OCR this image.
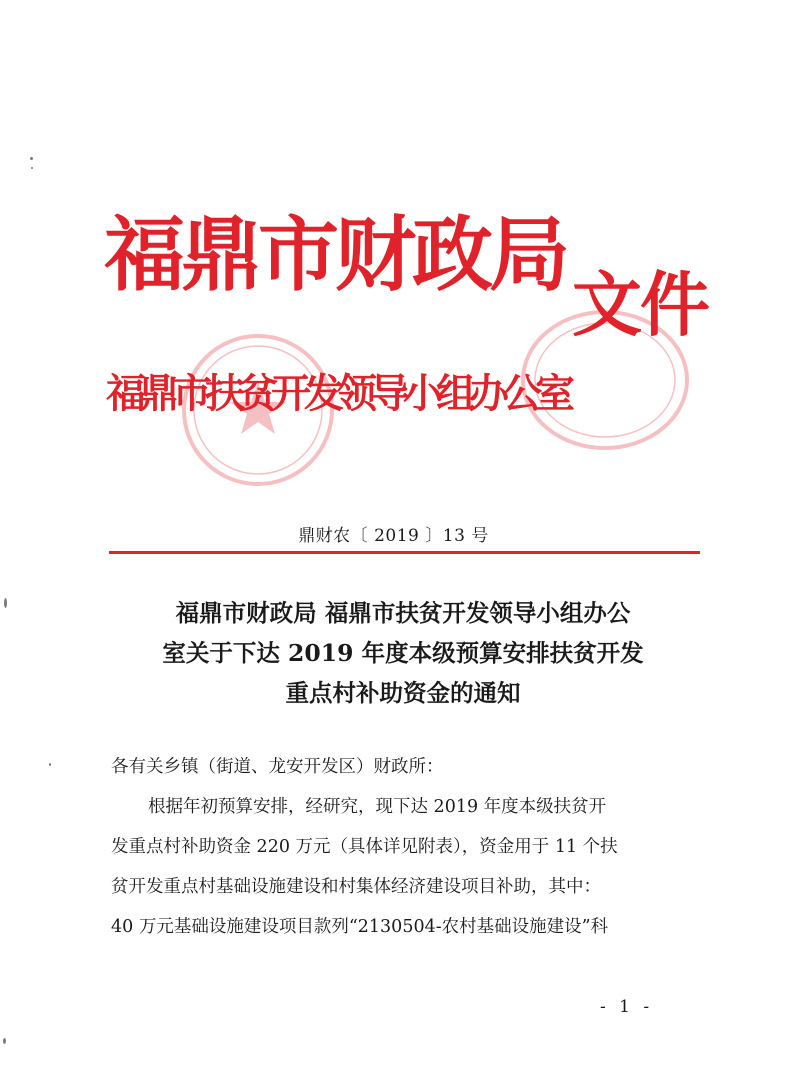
福鼎市财政局
文件
福鼎市扶贫开发领导小组办公室
鼎财农〔 2019 〕13 号
福鼎市财政局 福鼎市扶贫开发领导小组办公
室关于下达 2019 年度本级预算安排扶贫开发
重点村补助资金的通知
各有关乡镇（街道、龙安开发区）财政所：
根据年初预算安排，经研究，现下达 2019 年度本级扶贫开
发重点村补助资金 220 万元（具体详见附表），资金用于 11 个扶
贫开发重点村基础设施建设和村集体经济建设项目补助，其中：
40 万元基础设施建设项目款列“2130504-农村基础设施建设”科
- 1 -
